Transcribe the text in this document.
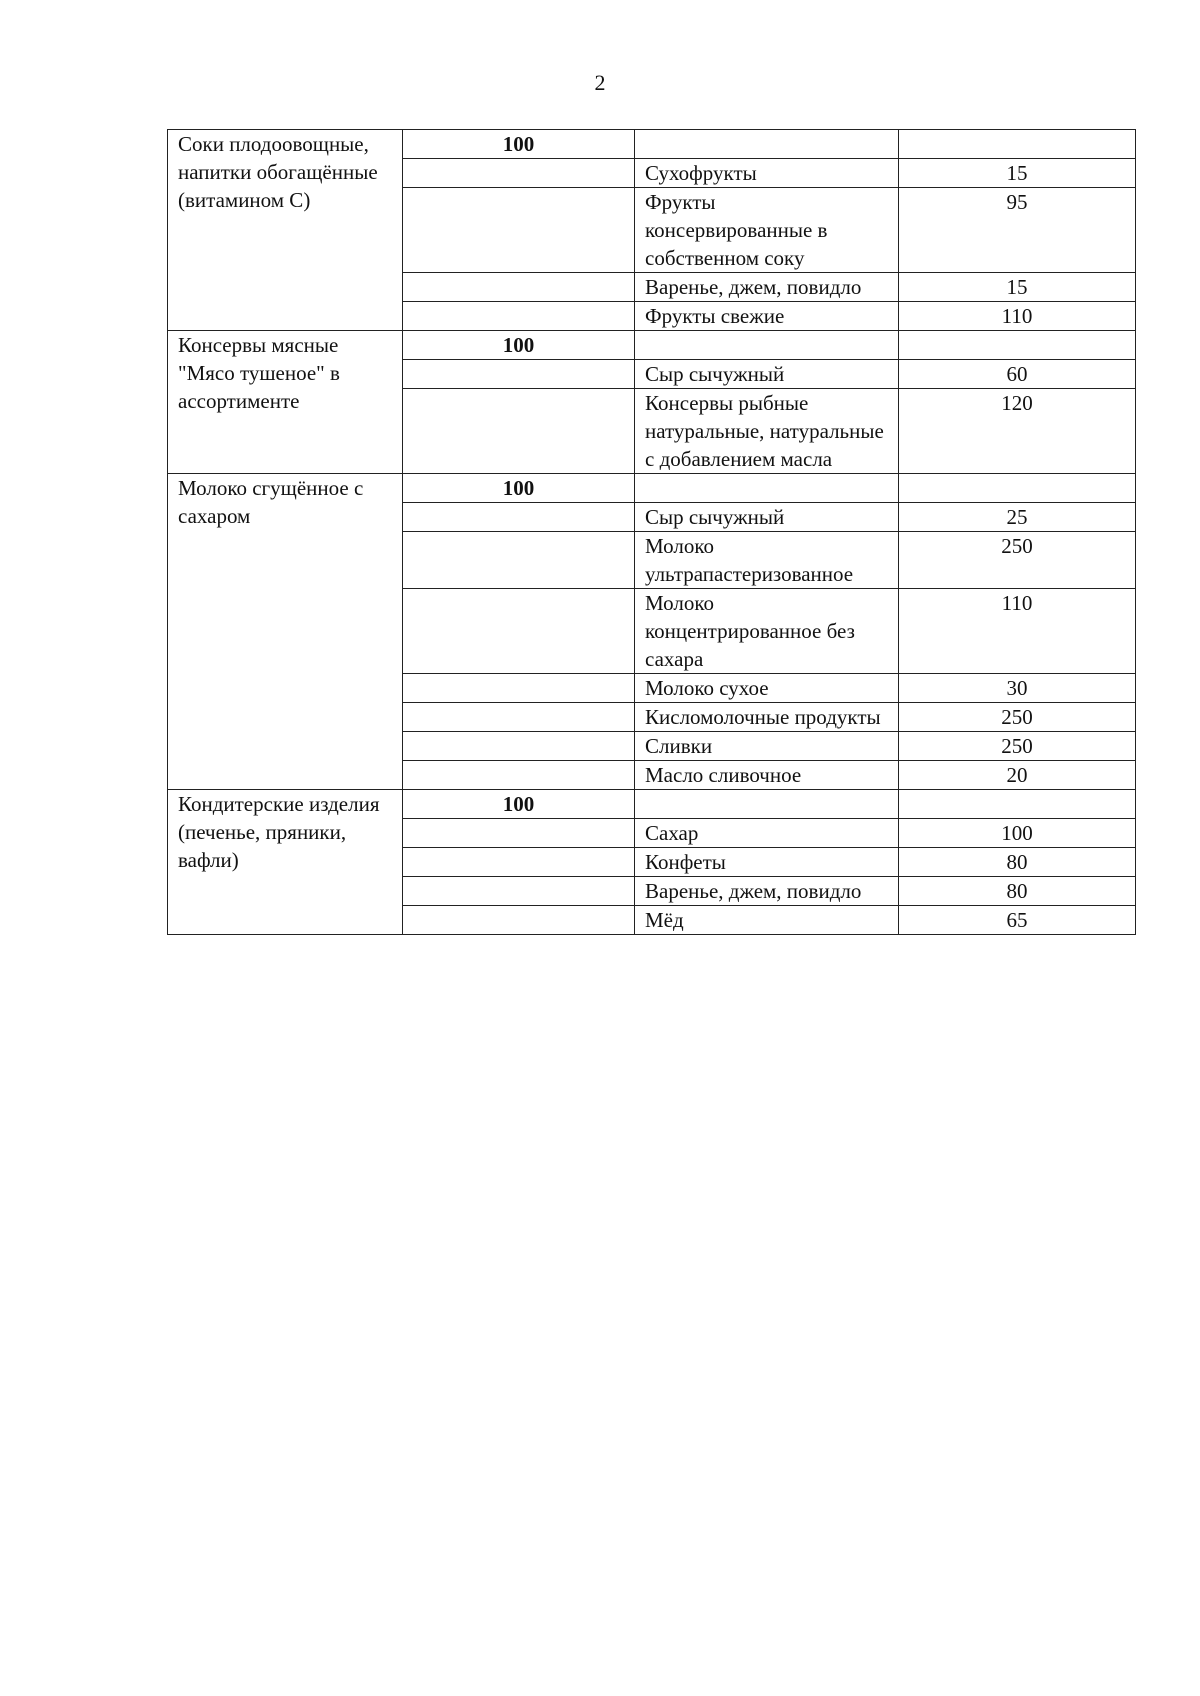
2
Соки плодоовощные, напитки обогащённые (витамином С)	100		
		Сухофрукты	15
		Фрукты консервированные в собственном соку	95
		Варенье, джем, повидло	15
		Фрукты свежие	110
Консервы мясные "Мясо тушеное" в ассортименте	100		
		Сыр сычужный	60
		Консервы рыбные натуральные, натуральные с добавлением масла	120
Молоко сгущённое с сахаром	100		
		Сыр сычужный	25
		Молоко ультрапастеризованное	250
		Молоко концентрированное без сахара	110
		Молоко сухое	30
		Кисломолочные продукты	250
		Сливки	250
		Масло сливочное	20
Кондитерские изделия (печенье, пряники, вафли)	100		
		Сахар	100
		Конфеты	80
		Варенье, джем, повидло	80
		Мёд	65
